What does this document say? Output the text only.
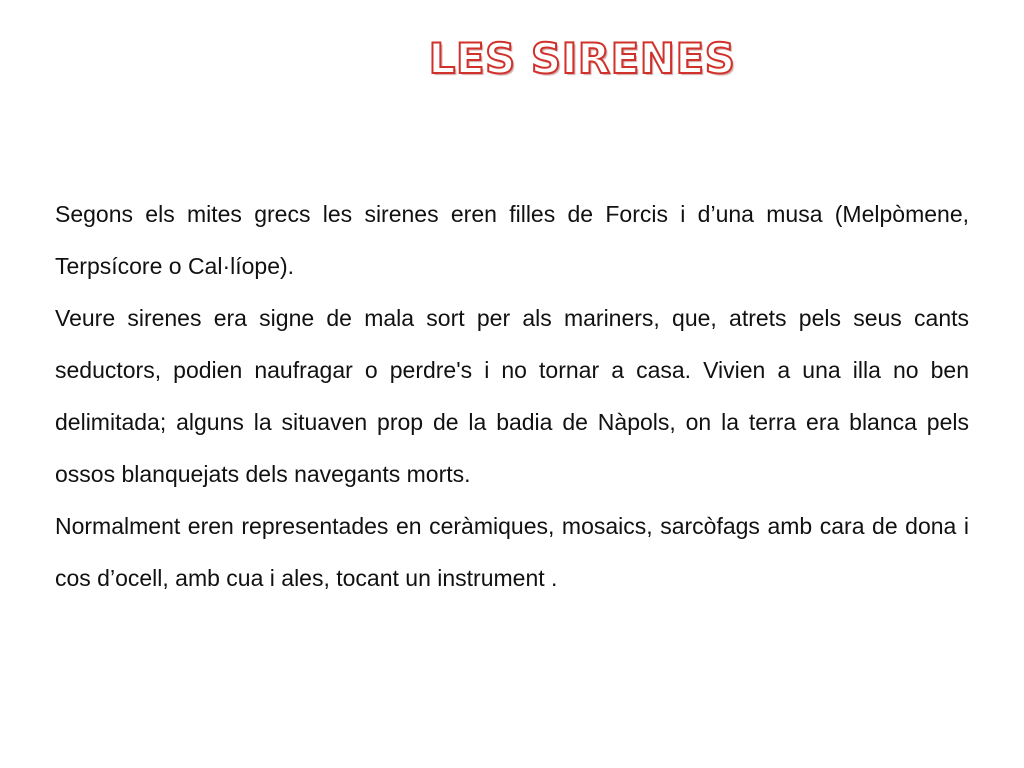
LES SIRENES

Segons els mites grecs les sirenes eren filles de Forcis i d’una musa (Melpòmene, Terpsícore o Cal·líope).

Veure sirenes era signe de mala sort per als mariners, que, atrets pels seus cants seductors, podien naufragar o perdre's i no tornar a casa. Vivien a una illa no ben delimitada; alguns la situaven prop de la badia de Nàpols, on la terra era blanca pels ossos blanquejats dels navegants morts.

Normalment eren representades en ceràmiques, mosaics, sarcòfags amb cara de dona i cos d’ocell, amb cua i ales, tocant un instrument .
